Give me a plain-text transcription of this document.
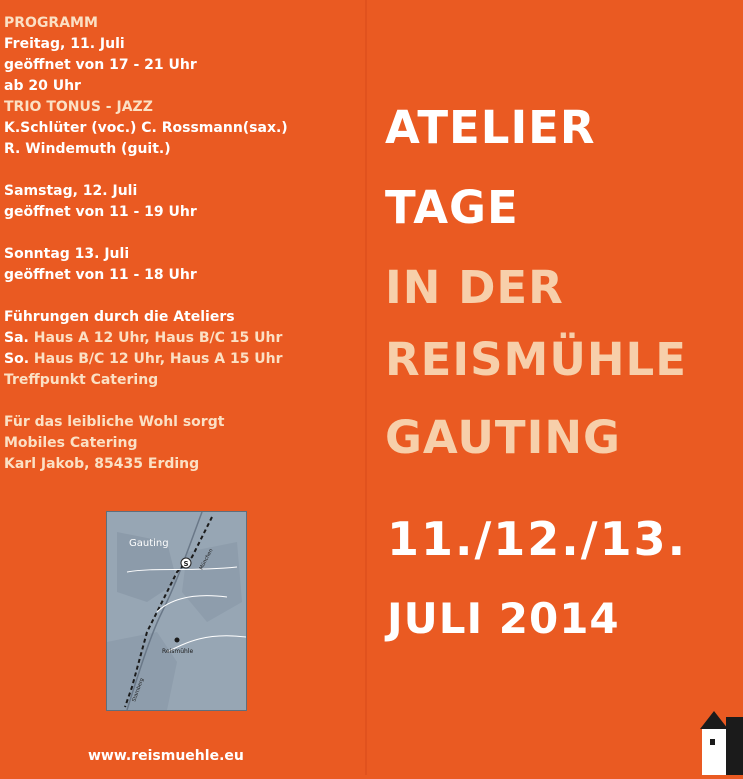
PROGRAMM
Freitag, 11. Juli
geöffnet von 17 - 21 Uhr
ab 20 Uhr
TRIO TONUS - JAZZ
K.Schlüter (voc.) C. Rossmann(sax.)
R. Windemuth (guit.)
Samstag, 12. Juli
geöffnet von 11 - 19 Uhr
Sonntag 13. Juli
geöffnet von 11 - 18 Uhr
Führungen durch die Ateliers
Sa. Haus A 12 Uhr, Haus B/C 15 Uhr
So. Haus B/C 12 Uhr, Haus A 15 Uhr
Treffpunkt Catering
Für das leibliche Wohl sorgt
Mobiles Catering
Karl Jakob, 85435 Erding
S
Gauting
Reismühle
München
Starnberg
www.reismuehle.eu
ATELIER
TAGE
IN DER
REISMÜHLE
GAUTING
11./12./13.
JULI 2014
